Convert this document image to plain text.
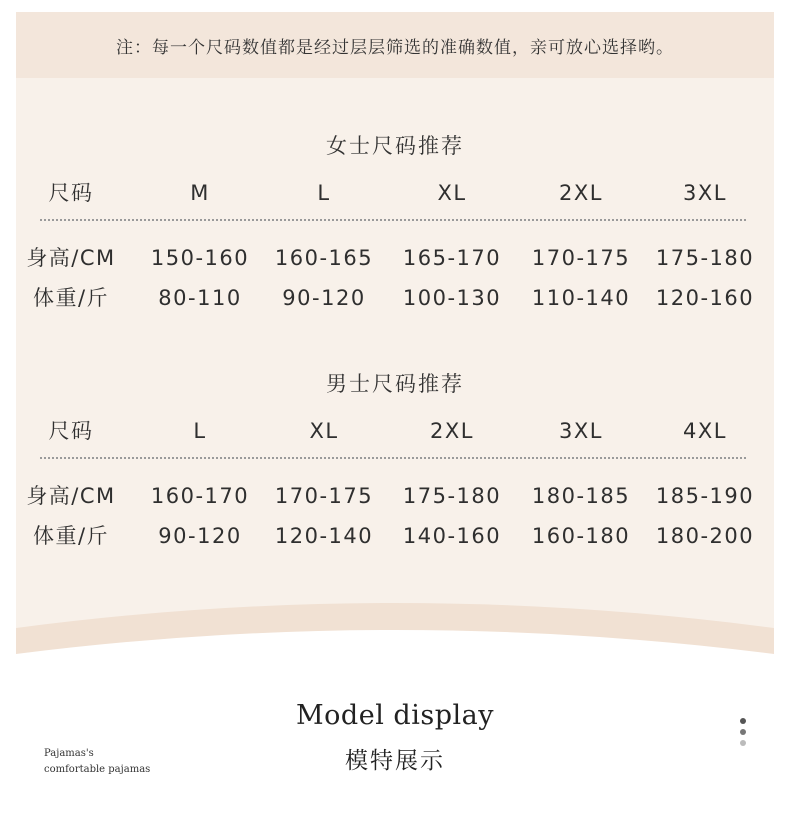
注：每一个尺码数值都是经过层层筛选的准确数值，亲可放心选择哟。
女士尺码推荐
尺码	M	L	XL	2XL	3XL
身高/CM	150-160	160-165	165-170	170-175	175-180
体重/斤	80-110	90-120	100-130	110-140	120-160
男士尺码推荐
尺码	L	XL	2XL	3XL	4XL
身高/CM	160-170	170-175	175-180	180-185	185-190
体重/斤	90-120	120-140	140-160	160-180	180-200
Model display
模特展示
Pajamas's
comfortable pajamas
